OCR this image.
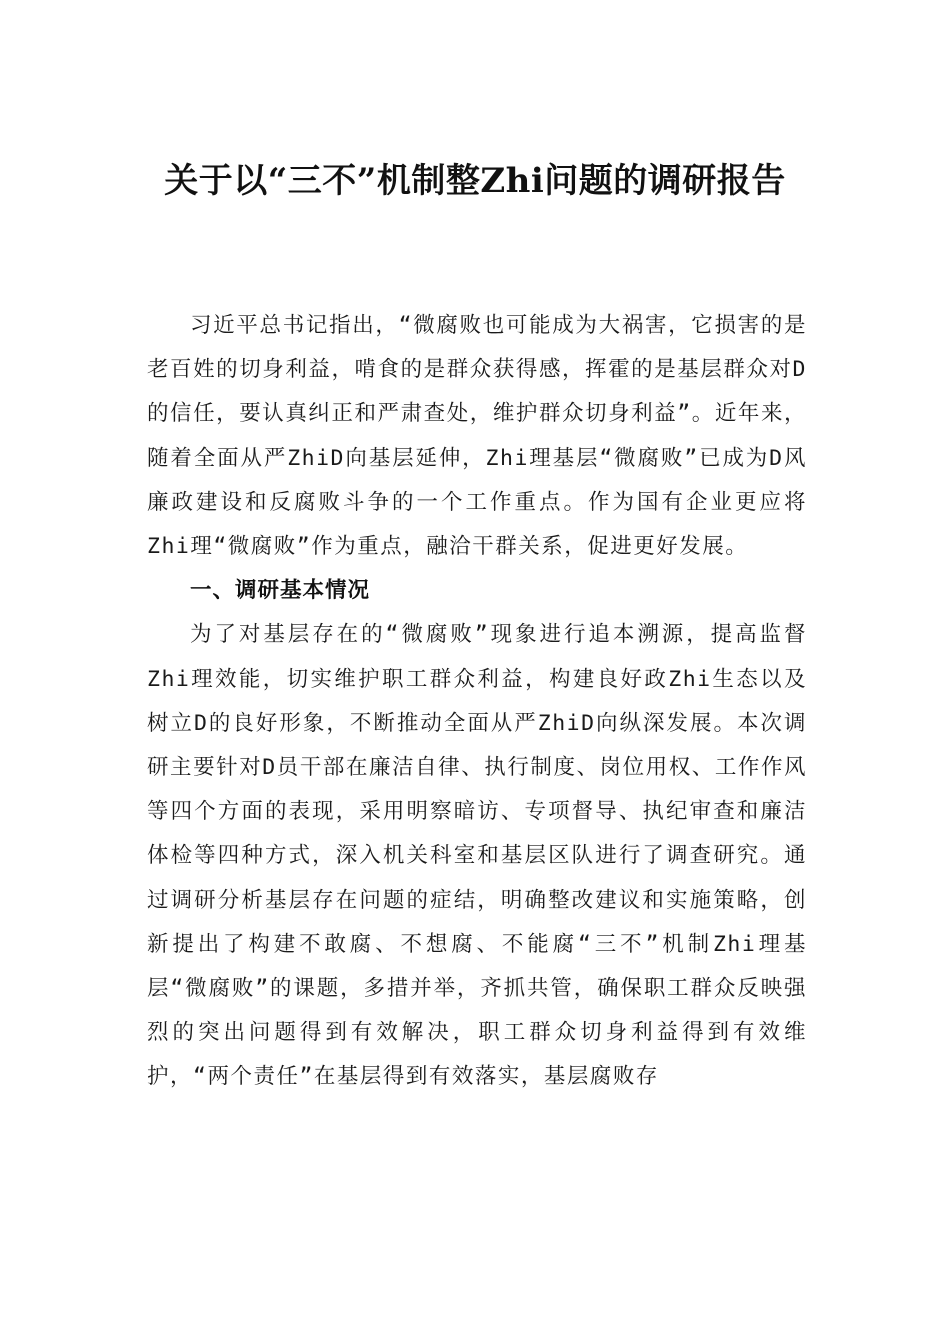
关于以“三不”机制整Zhi问题的调研报告

习近平总书记指出，“微腐败也可能成为大祸害，它损害的是老百姓的切身利益，啃食的是群众获得感，挥霍的是基层群众对D的信任，要认真纠正和严肃查处，维护群众切身利益”。近年来，随着全面从严ZhiD向基层延伸，Zhi理基层“微腐败”已成为D风廉政建设和反腐败斗争的一个工作重点。作为国有企业更应将Zhi理“微腐败”作为重点，融洽干群关系，促进更好发展。

一、调研基本情况

为了对基层存在的“微腐败”现象进行追本溯源，提高监督Zhi理效能，切实维护职工群众利益，构建良好政Zhi生态以及树立D的良好形象，不断推动全面从严ZhiD向纵深发展。本次调研主要针对D员干部在廉洁自律、执行制度、岗位用权、工作作风等四个方面的表现，采用明察暗访、专项督导、执纪审查和廉洁体检等四种方式，深入机关科室和基层区队进行了调查研究。通过调研分析基层存在问题的症结，明确整改建议和实施策略，创新提出了构建不敢腐、不想腐、不能腐“三不”机制Zhi理基层“微腐败”的课题，多措并举，齐抓共管，确保职工群众反映强烈的突出问题得到有效解决，职工群众切身利益得到有效维护，“两个责任”在基层得到有效落实，基层腐败存
